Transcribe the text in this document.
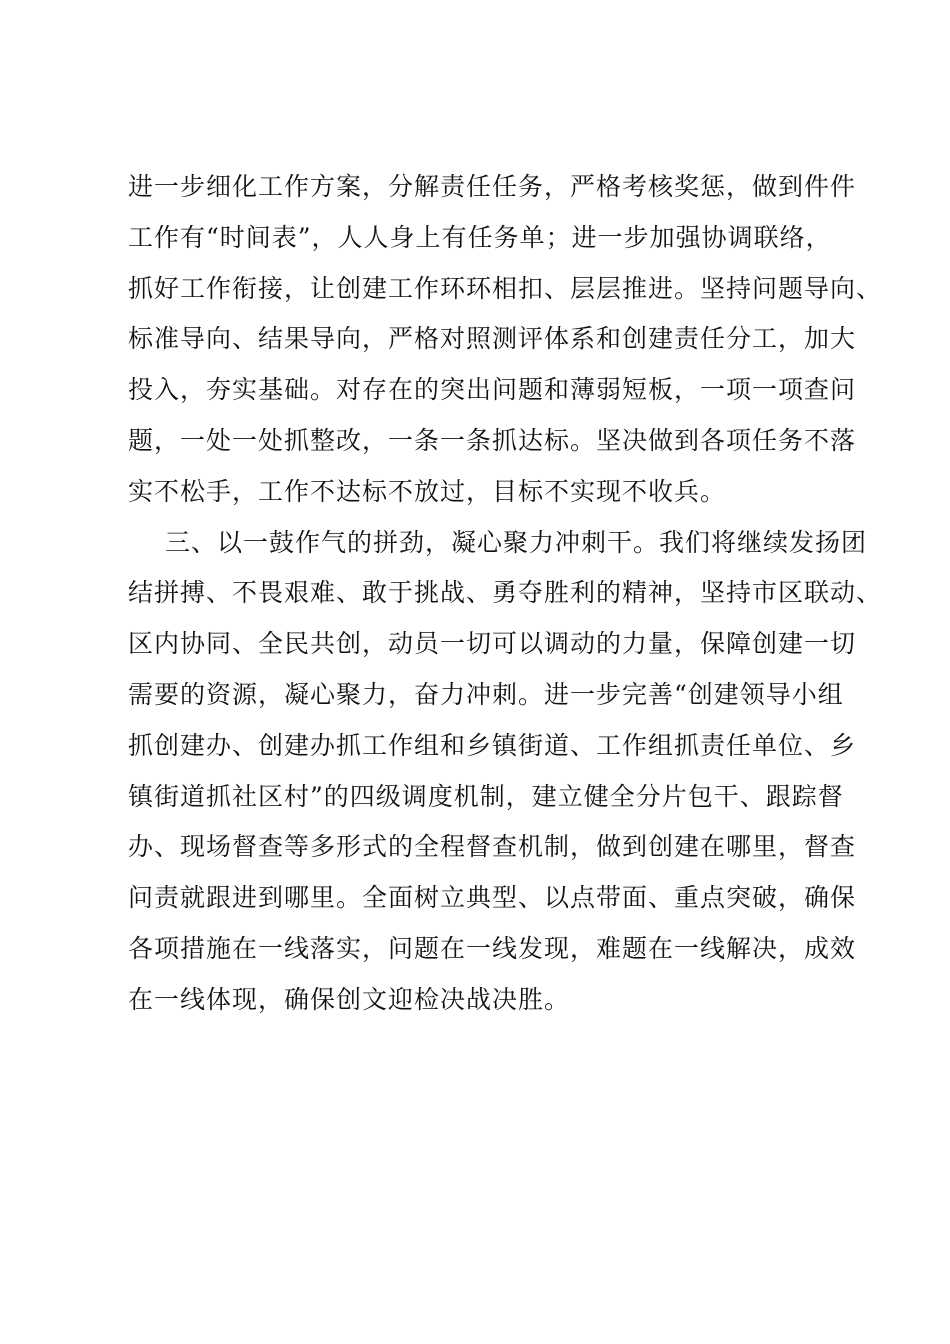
进一步细化工作方案，分解责任任务，严格考核奖惩，做到件件
工作有“时间表”，人人身上有任务单；进一步加强协调联络，
抓好工作衔接，让创建工作环环相扣、层层推进。坚持问题导向、
标准导向、结果导向，严格对照测评体系和创建责任分工，加大
投入，夯实基础。对存在的突出问题和薄弱短板，一项一项查问
题，一处一处抓整改，一条一条抓达标。坚决做到各项任务不落
实不松手，工作不达标不放过，目标不实现不收兵。
三、以一鼓作气的拼劲，凝心聚力冲刺干。我们将继续发扬团
结拼搏、不畏艰难、敢于挑战、勇夺胜利的精神，坚持市区联动、
区内协同、全民共创，动员一切可以调动的力量，保障创建一切
需要的资源，凝心聚力，奋力冲刺。进一步完善“创建领导小组
抓创建办、创建办抓工作组和乡镇街道、工作组抓责任单位、乡
镇街道抓社区村”的四级调度机制，建立健全分片包干、跟踪督
办、现场督查等多形式的全程督查机制，做到创建在哪里，督查
问责就跟进到哪里。全面树立典型、以点带面、重点突破，确保
各项措施在一线落实，问题在一线发现，难题在一线解决，成效
在一线体现，确保创文迎检决战决胜。
